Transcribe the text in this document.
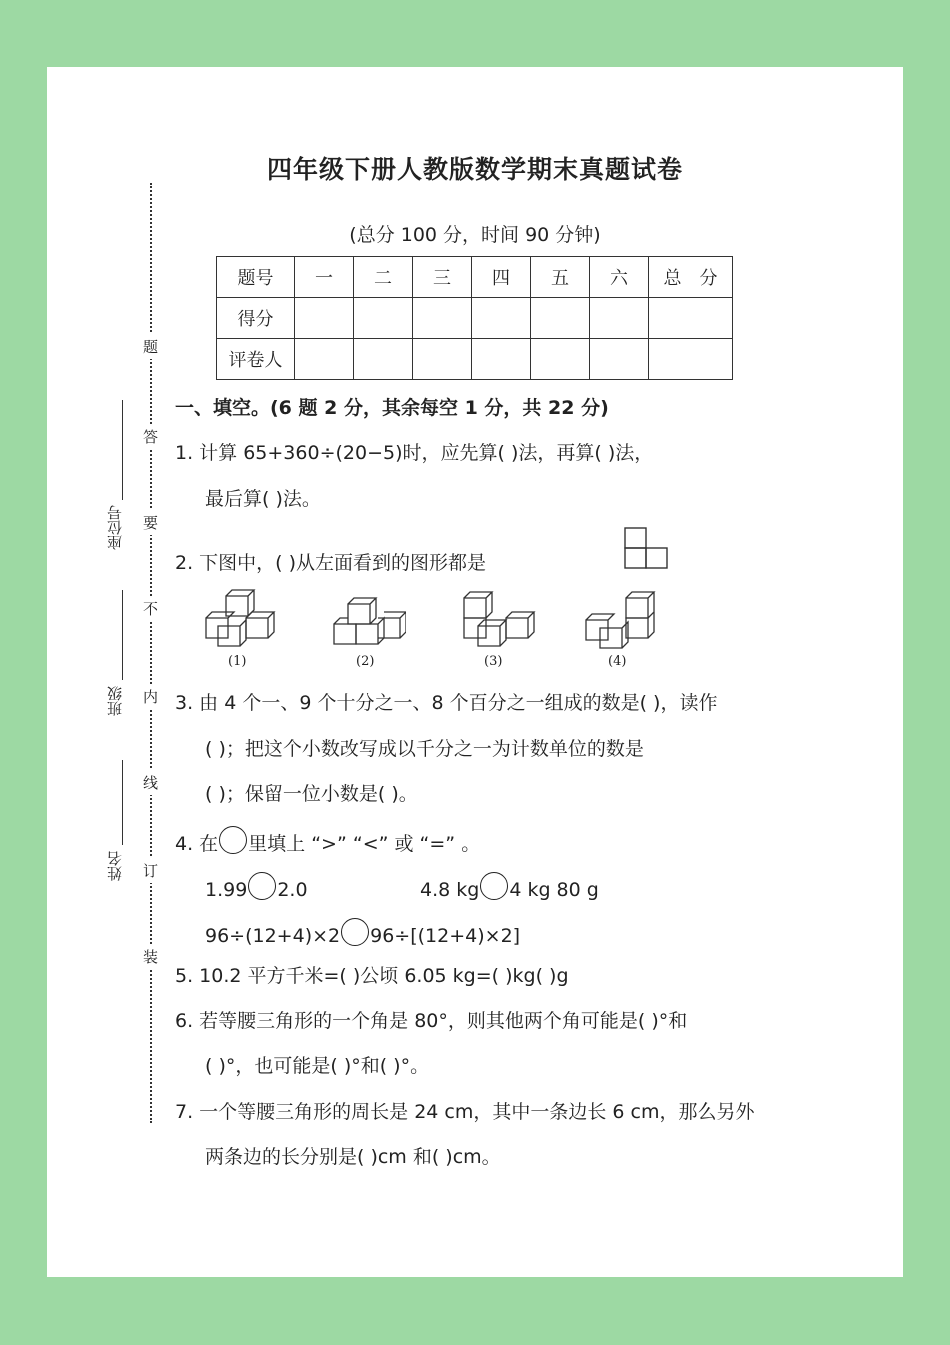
四年级下册人教版数学期末真题试卷
(总分 100 分，时间 90 分钟)
题号	一	二	三	四	五	六	总　分
得分							
评卷人							
题
答
要
不
内
线
订
装
座位号
班级
姓名
一、填空。(6 题 2 分，其余每空 1 分，共 22 分)
1. 计算 65+360÷(20−5)时，应先算( )法，再算( )法，
最后算( )法。
2. 下图中，( )从左面看到的图形都是
(1)	(2)	(3)	(4)
3. 由 4 个一、9 个十分之一、8 个百分之一组成的数是( )，读作
( )；把这个小数改写成以千分之一为计数单位的数是
( )；保留一位小数是( )。
4. 在 里填上 “>” “<” 或 “=” 。
1.99 2.0	4.8 kg 4 kg 80 g
96÷(12+4)×2 96÷[(12+4)×2]
5. 10.2 平方千米=( )公顷 6.05 kg=( )kg( )g
6. 若等腰三角形的一个角是 80°，则其他两个角可能是( )°和
( )°，也可能是( )°和( )°。
7. 一个等腰三角形的周长是 24 cm，其中一条边长 6 cm，那么另外
两条边的长分别是( )cm 和( )cm。
